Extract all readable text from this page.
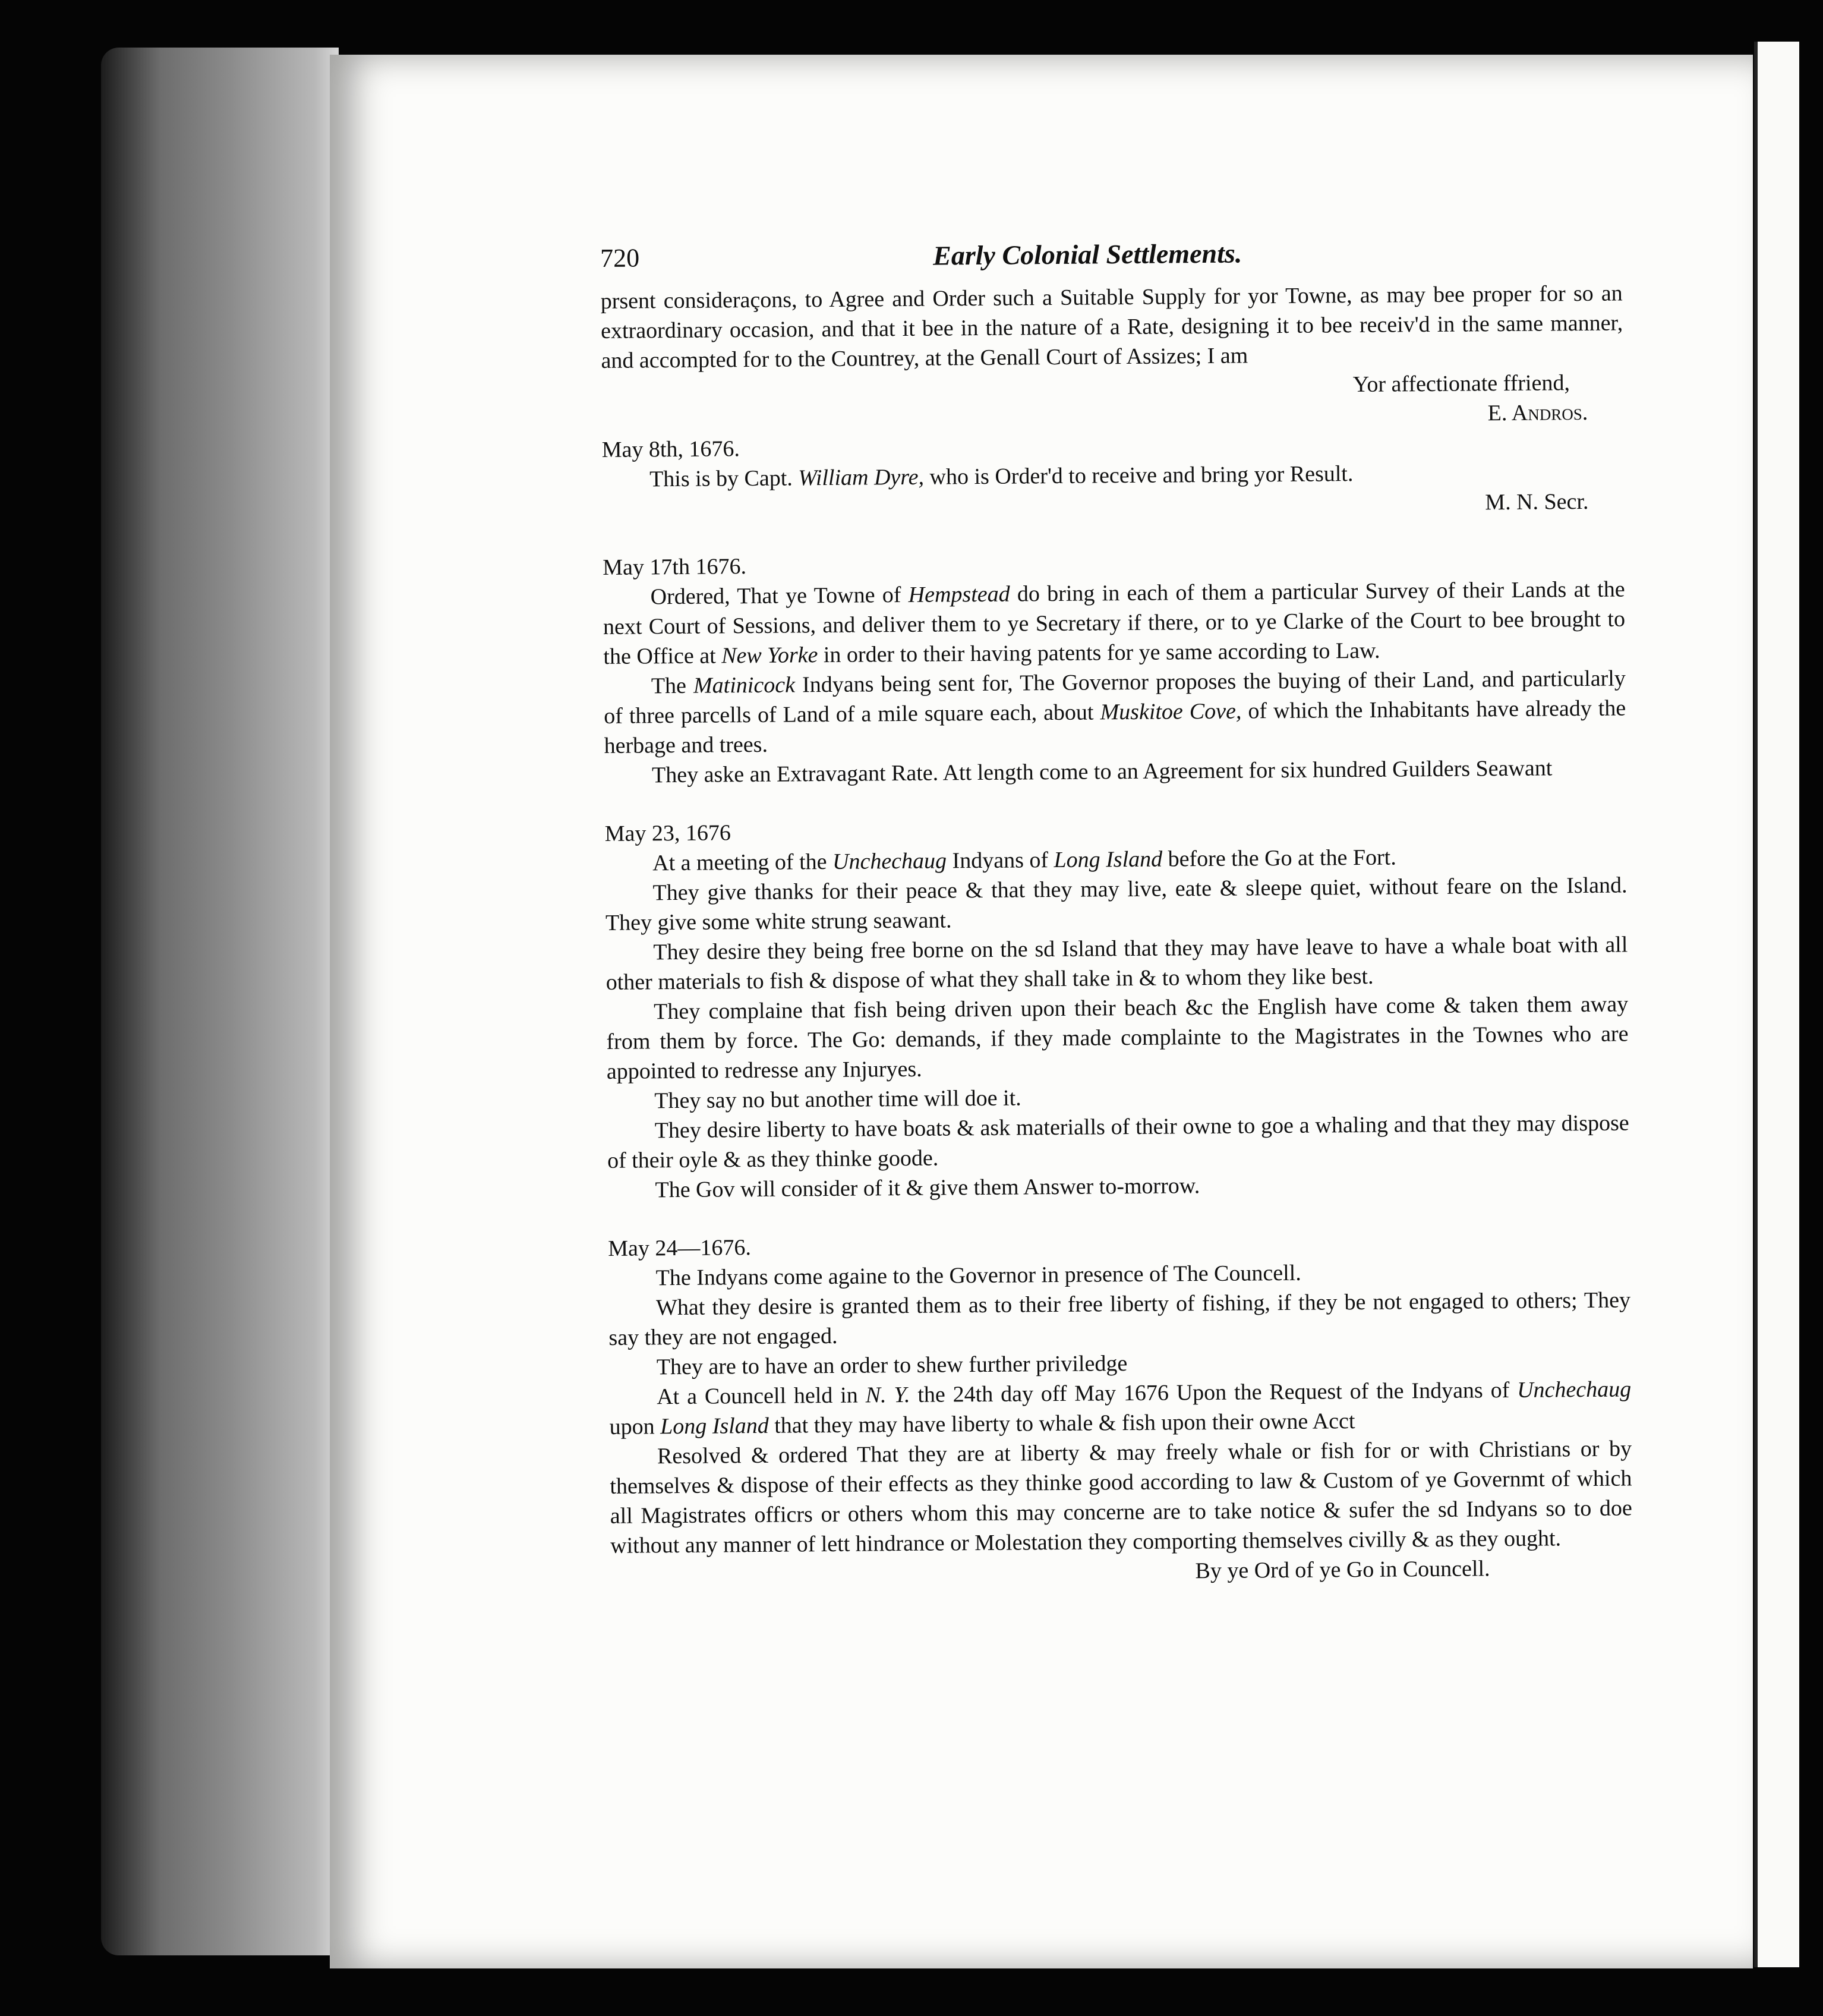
720	Early Colonial Settlements.

prsent consideraçons, to Agree and Order such a Suitable Supply for yor Towne, as may bee proper for so an extraordinary occasion, and that it bee in the nature of a Rate, designing it to bee receiv'd in the same manner, and accompted for to the Countrey, at the Genall Court of Assizes; I am

Yor affectionate ffriend,

E. Andros.

May 8th, 1676.

This is by Capt. William Dyre, who is Order'd to receive and bring yor Result.

M. N. Secr.

May 17th 1676.

Ordered, That ye Towne of Hempstead do bring in each of them a particular Survey of their Lands at the next Court of Sessions, and deliver them to ye Secretary if there, or to ye Clarke of the Court to bee brought to the Office at New Yorke in order to their having patents for ye same according to Law.

The Matinicock Indyans being sent for, The Governor proposes the buying of their Land, and particularly of three parcells of Land of a mile square each, about Muskitoe Cove, of which the Inhabitants have already the herbage and trees.

They aske an Extravagant Rate. Att length come to an Agreement for six hundred Guilders Seawant

May 23, 1676

At a meeting of the Unchechaug Indyans of Long Island before the Go at the Fort.

They give thanks for their peace & that they may live, eate & sleepe quiet, without feare on the Island. They give some white strung seawant.

They desire they being free borne on the sd Island that they may have leave to have a whale boat with all other materials to fish & dispose of what they shall take in & to whom they like best.

They complaine that fish being driven upon their beach &c the English have come & taken them away from them by force. The Go: demands, if they made complainte to the Magistrates in the Townes who are appointed to redresse any Injuryes.

They say no but another time will doe it.

They desire liberty to have boats & ask materialls of their owne to goe a whaling and that they may dispose of their oyle & as they thinke goode.

The Gov will consider of it & give them Answer to-morrow.

May 24—1676.

The Indyans come againe to the Governor in presence of The Councell.

What they desire is granted them as to their free liberty of fishing, if they be not engaged to others; They say they are not engaged.

They are to have an order to shew further priviledge

At a Councell held in N. Y. the 24th day off May 1676 Upon the Request of the Indyans of Unchechaug upon Long Island that they may have liberty to whale & fish upon their owne Acct

Resolved & ordered That they are at liberty & may freely whale or fish for or with Christians or by themselves & dispose of their effects as they thinke good according to law & Custom of ye Governmt of which all Magistrates officrs or others whom this may concerne are to take notice & sufer the sd Indyans so to doe without any manner of lett hindrance or Molestation they comporting themselves civilly & as they ought.

By ye Ord of ye Go in Councell.
